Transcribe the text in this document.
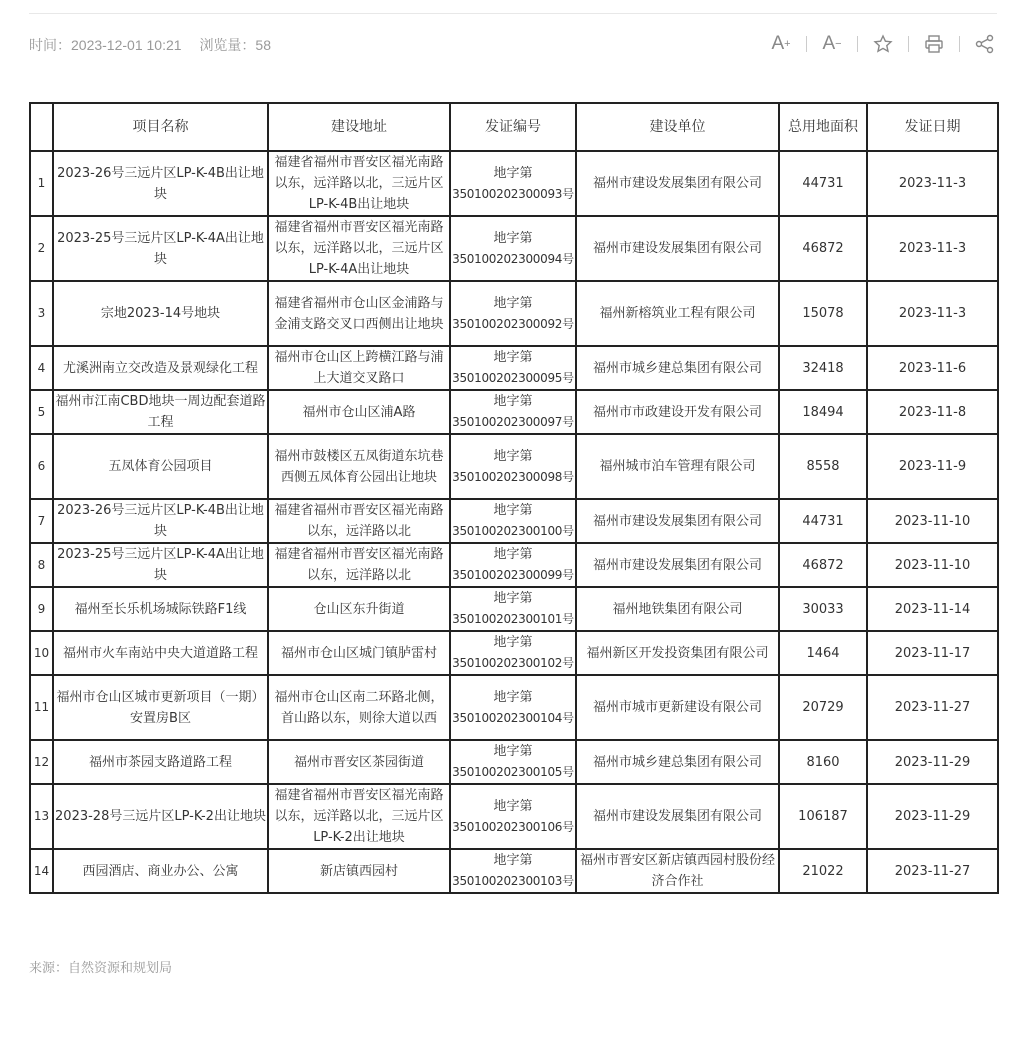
时间：2023-12-01 10:21 浏览量：58	A + A −
	项目名称	建设地址	发证编号	建设单位	总用地面积	发证日期
1	2023-26号三远片区LP-K-4B出让地块	福建省福州市晋安区福光南路以东，远洋路以北，三远片区LP-K-4B出让地块	地字第
350100202300093号	福州市建设发展集团有限公司	44731	2023-11-3
2	2023-25号三远片区LP-K-4A出让地块	福建省福州市晋安区福光南路以东，远洋路以北，三远片区LP-K-4A出让地块	地字第
350100202300094号	福州市建设发展集团有限公司	46872	2023-11-3
3	宗地2023-14号地块	福建省福州市仓山区金浦路与金浦支路交叉口西侧出让地块	地字第
350100202300092号	福州新榕筑业工程有限公司	15078	2023-11-3
4	尤溪洲南立交改造及景观绿化工程	福州市仓山区上跨横江路与浦上大道交叉路口	地字第
350100202300095号	福州市城乡建总集团有限公司	32418	2023-11-6
5	福州市江南CBD地块一周边配套道路工程	福州市仓山区浦A路	地字第
350100202300097号	福州市市政建设开发有限公司	18494	2023-11-8
6	五凤体育公园项目	福州市鼓楼区五凤街道东坑巷西侧五凤体育公园出让地块	地字第
350100202300098号	福州城市泊车管理有限公司	8558	2023-11-9
7	2023-26号三远片区LP-K-4B出让地块	福建省福州市晋安区福光南路以东，远洋路以北	地字第
350100202300100号	福州市建设发展集团有限公司	44731	2023-11-10
8	2023-25号三远片区LP-K-4A出让地块	福建省福州市晋安区福光南路以东，远洋路以北	地字第
350100202300099号	福州市建设发展集团有限公司	46872	2023-11-10
9	福州至长乐机场城际铁路F1线	仓山区东升街道	地字第
350100202300101号	福州地铁集团有限公司	30033	2023-11-14
10	福州市火车南站中央大道道路工程	福州市仓山区城门镇胪雷村	地字第
350100202300102号	福州新区开发投资集团有限公司	1464	2023-11-17
11	福州市仓山区城市更新项目（一期）安置房B区	福州市仓山区南二环路北侧，首山路以东，则徐大道以西	地字第
350100202300104号	福州市城市更新建设有限公司	20729	2023-11-27
12	福州市茶园支路道路工程	福州市晋安区茶园街道	地字第
350100202300105号	福州市城乡建总集团有限公司	8160	2023-11-29
13	2023-28号三远片区LP-K-2出让地块	福建省福州市晋安区福光南路以东，远洋路以北，三远片区LP-K-2出让地块	地字第
350100202300106号	福州市建设发展集团有限公司	106187	2023-11-29
14	西园酒店、商业办公、公寓	新店镇西园村	地字第
350100202300103号	福州市晋安区新店镇西园村股份经济合作社	21022	2023-11-27
来源：自然资源和规划局
